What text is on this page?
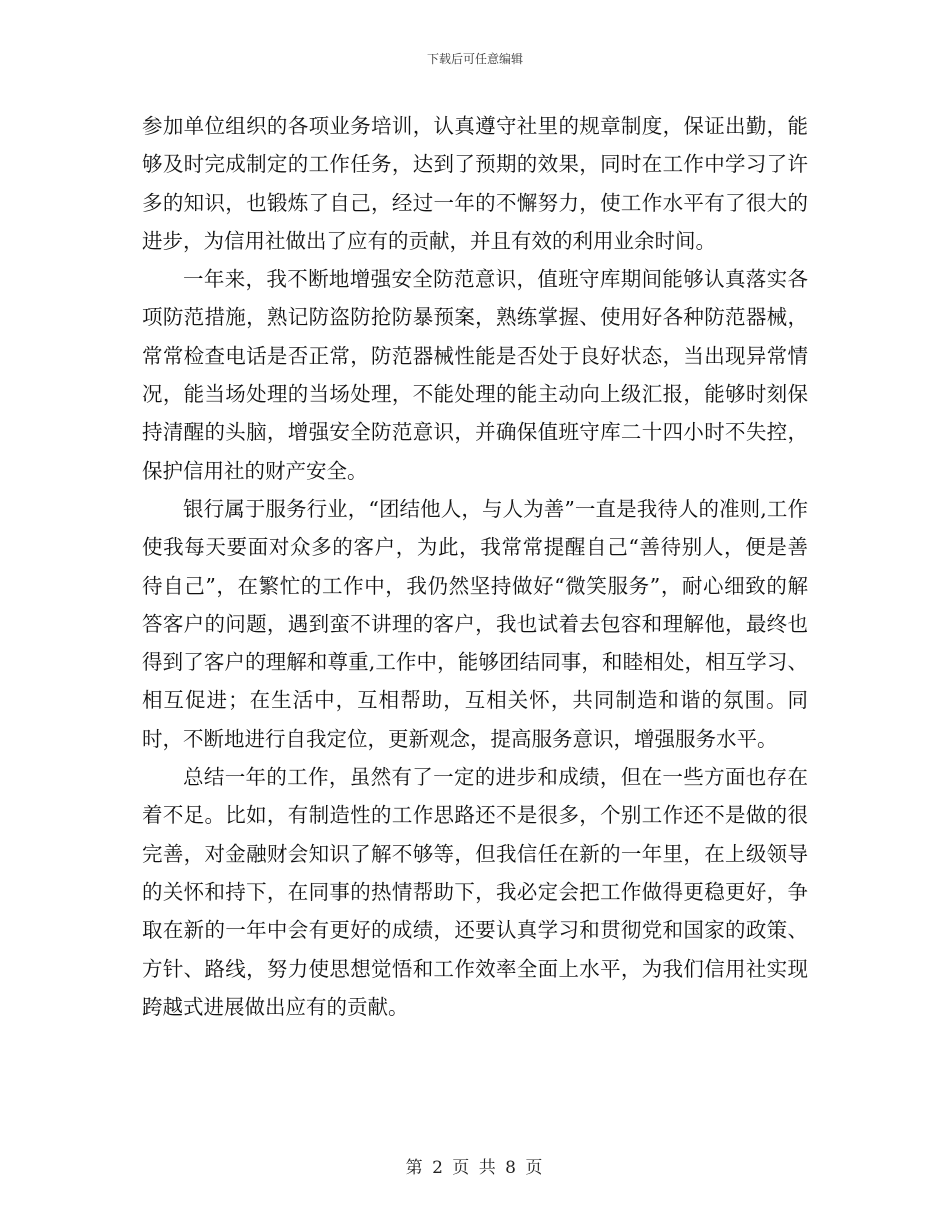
下载后可任意编辑

参加单位组织的各项业务培训，认真遵守社里的规章制度，保证出勤，能够及时完成制定的工作任务，达到了预期的效果，同时在工作中学习了许多的知识，也锻炼了自己，经过一年的不懈努力，使工作水平有了很大的进步，为信用社做出了应有的贡献，并且有效的利用业余时间。

一年来，我不断地增强安全防范意识，值班守库期间能够认真落实各项防范措施，熟记防盗防抢防暴预案，熟练掌握、使用好各种防范器械，常常检查电话是否正常，防范器械性能是否处于良好状态，当出现异常情况，能当场处理的当场处理，不能处理的能主动向上级汇报，能够时刻保持清醒的头脑，增强安全防范意识，并确保值班守库二十四小时不失控，保护信用社的财产安全。

银行属于服务行业，“团结他人，与人为善”一直是我待人的准则,工作使我每天要面对众多的客户，为此，我常常提醒自己“善待别人，便是善待自己”，在繁忙的工作中，我仍然坚持做好“微笑服务”，耐心细致的解答客户的问题，遇到蛮不讲理的客户，我也试着去包容和理解他，最终也得到了客户的理解和尊重,工作中，能够团结同事，和睦相处，相互学习、相互促进；在生活中，互相帮助，互相关怀，共同制造和谐的氛围。同时，不断地进行自我定位，更新观念，提高服务意识，增强服务水平。

总结一年的工作，虽然有了一定的进步和成绩，但在一些方面也存在着不足。比如，有制造性的工作思路还不是很多，个别工作还不是做的很完善，对金融财会知识了解不够等，但我信任在新的一年里，在上级领导的关怀和持下，在同事的热情帮助下，我必定会把工作做得更稳更好，争取在新的一年中会有更好的成绩，还要认真学习和贯彻党和国家的政策、方针、路线，努力使思想觉悟和工作效率全面上水平，为我们信用社实现跨越式进展做出应有的贡献。

第 2 页 共 8 页
